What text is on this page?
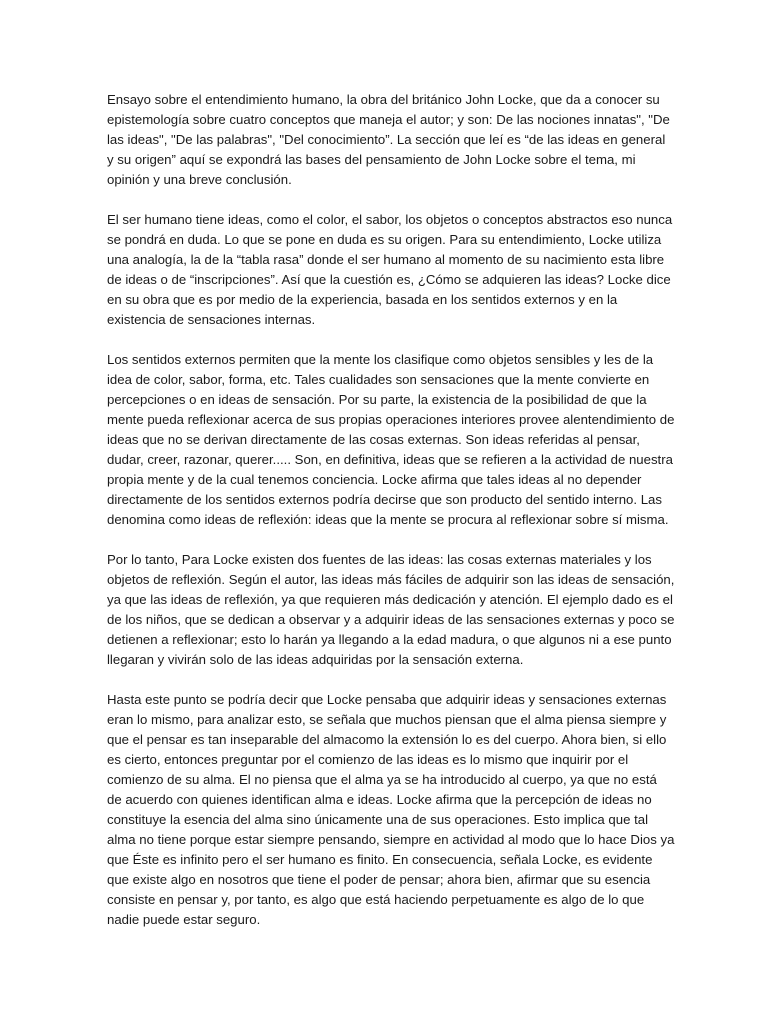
Ensayo sobre el entendimiento humano, la obra del británico John Locke, que da a conocer su epistemología sobre cuatro conceptos que maneja el autor; y son: De las nociones innatas", "De las ideas", "De las palabras", "Del conocimiento”. La sección que leí es “de las ideas en general y su origen” aquí se expondrá las bases del pensamiento de John Locke sobre el tema, mi opinión y una breve conclusión.

El ser humano tiene ideas, como el color, el sabor, los objetos o conceptos abstractos eso nunca se pondrá en duda. Lo que se pone en duda es su origen. Para su entendimiento, Locke utiliza una analogía, la de la “tabla rasa” donde el ser humano al momento de su nacimiento esta libre de ideas o de “inscripciones”. Así que la cuestión es, ¿Cómo se adquieren las ideas? Locke dice en su obra que es por medio de la experiencia, basada en los sentidos externos y en la existencia de sensaciones internas.

Los sentidos externos permiten que la mente los clasifique como objetos sensibles y les de la idea de color, sabor, forma, etc. Tales cualidades son sensaciones que la mente convierte en percepciones o en ideas de sensación. Por su parte, la existencia de la posibilidad de que la mente pueda reflexionar acerca de sus propias operaciones interiores provee alentendimiento de ideas que no se derivan directamente de las cosas externas. Son ideas referidas al pensar, dudar, creer, razonar, querer..... Son, en definitiva, ideas que se refieren a la actividad de nuestra propia mente y de la cual tenemos conciencia. Locke afirma que tales ideas al no depender directamente de los sentidos externos podría decirse que son producto del sentido interno. Las denomina como ideas de reflexión: ideas que la mente se procura al reflexionar sobre sí misma.

Por lo tanto, Para Locke existen dos fuentes de las ideas: las cosas externas materiales y los objetos de reflexión. Según el autor, las ideas más fáciles de adquirir son las ideas de sensación, ya que las ideas de reflexión, ya que requieren más dedicación y atención. El ejemplo dado es el de los niños, que se dedican a observar y a adquirir ideas de las sensaciones externas y poco se detienen a reflexionar; esto lo harán ya llegando a la edad madura, o que algunos ni a ese punto llegaran y vivirán solo de las ideas adquiridas por la sensación externa.

Hasta este punto se podría decir que Locke pensaba que adquirir ideas y sensaciones externas eran lo mismo, para analizar esto, se señala que muchos piensan que el alma piensa siempre y que el pensar es tan inseparable del almacomo la extensión lo es del cuerpo. Ahora bien, si ello es cierto, entonces preguntar por el comienzo de las ideas es lo mismo que inquirir por el comienzo de su alma. El no piensa que el alma ya se ha introducido al cuerpo, ya que no está de acuerdo con quienes identifican alma e ideas. Locke afirma que la percepción de ideas no constituye la esencia del alma sino únicamente una de sus operaciones. Esto implica que tal alma no tiene porque estar siempre pensando, siempre en actividad al modo que lo hace Dios ya que Éste es infinito pero el ser humano es finito. En consecuencia, señala Locke, es evidente que existe algo en nosotros que tiene el poder de pensar; ahora bien, afirmar que su esencia consiste en pensar y, por tanto, es algo que está haciendo perpetuamente es algo de lo que nadie puede estar seguro.
